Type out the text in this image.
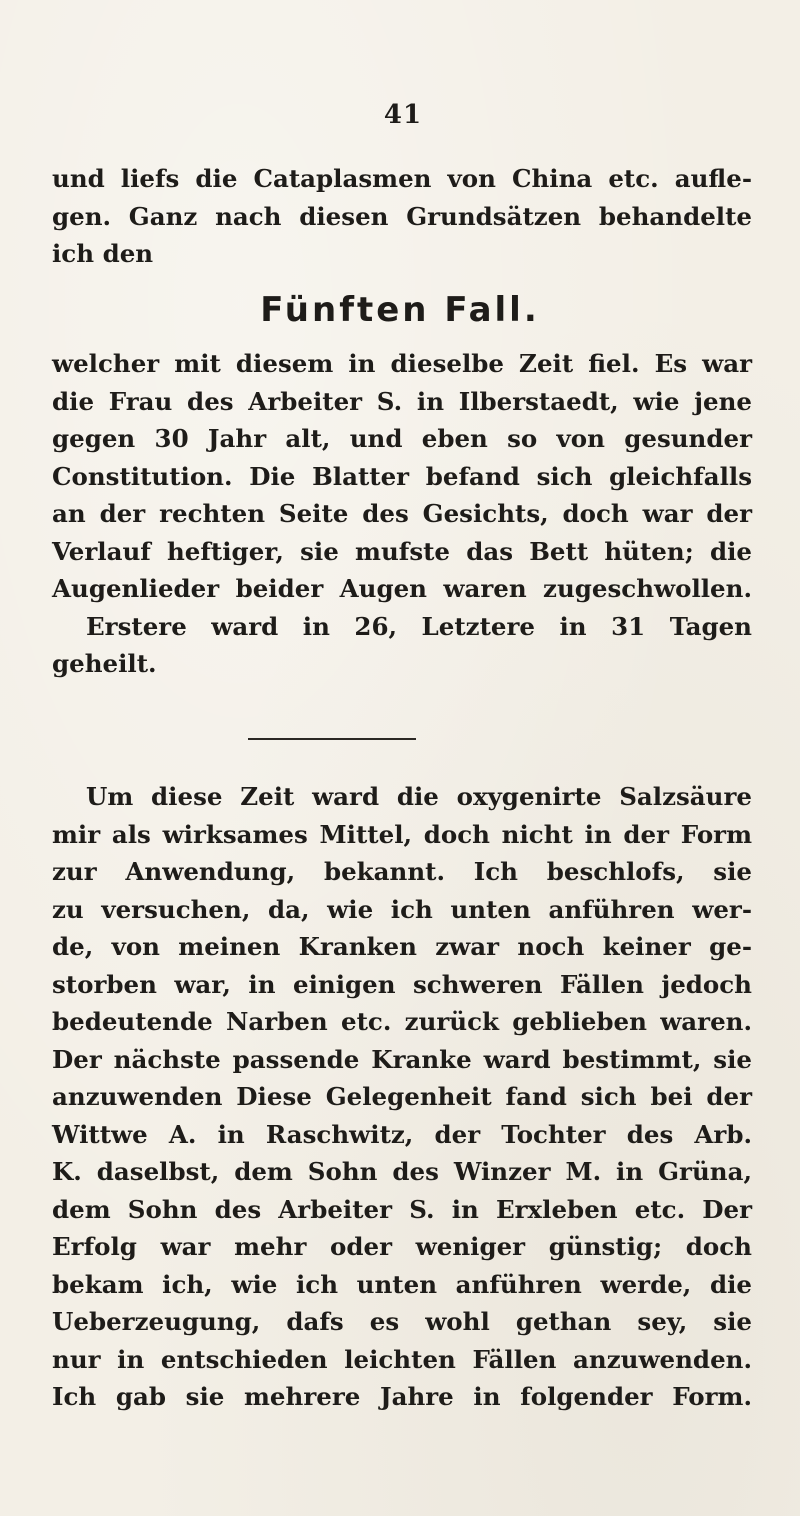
41
und liefs die Cataplasmen von China etc. aufle-
gen. Ganz nach diesen Grundsätzen behandelte
ich den
Fünften Fall.
welcher mit diesem in dieselbe Zeit fiel. Es war
die Frau des Arbeiter S. in Ilberstaedt, wie jene
gegen 30 Jahr alt, und eben so von gesunder
Constitution. Die Blatter befand sich gleichfalls
an der rechten Seite des Gesichts, doch war der
Verlauf heftiger, sie mufste das Bett hüten; die
Augenlieder beider Augen waren zugeschwollen.
Erstere ward in 26, Letztere in 31 Tagen
geheilt.
Um diese Zeit ward die oxygenirte Salzsäure
mir als wirksames Mittel, doch nicht in der Form
zur Anwendung, bekannt. Ich beschlofs, sie
zu versuchen, da, wie ich unten anführen wer-
de, von meinen Kranken zwar noch keiner ge-
storben war, in einigen schweren Fällen jedoch
bedeutende Narben etc. zurück geblieben waren.
Der nächste passende Kranke ward bestimmt, sie
anzuwenden Diese Gelegenheit fand sich bei der
Wittwe A. in Raschwitz, der Tochter des Arb.
K. daselbst, dem Sohn des Winzer M. in Grüna,
dem Sohn des Arbeiter S. in Erxleben etc. Der
Erfolg war mehr oder weniger günstig; doch
bekam ich, wie ich unten anführen werde, die
Ueberzeugung, dafs es wohl gethan sey, sie
nur in entschieden leichten Fällen anzuwenden.
Ich gab sie mehrere Jahre in folgender Form.
